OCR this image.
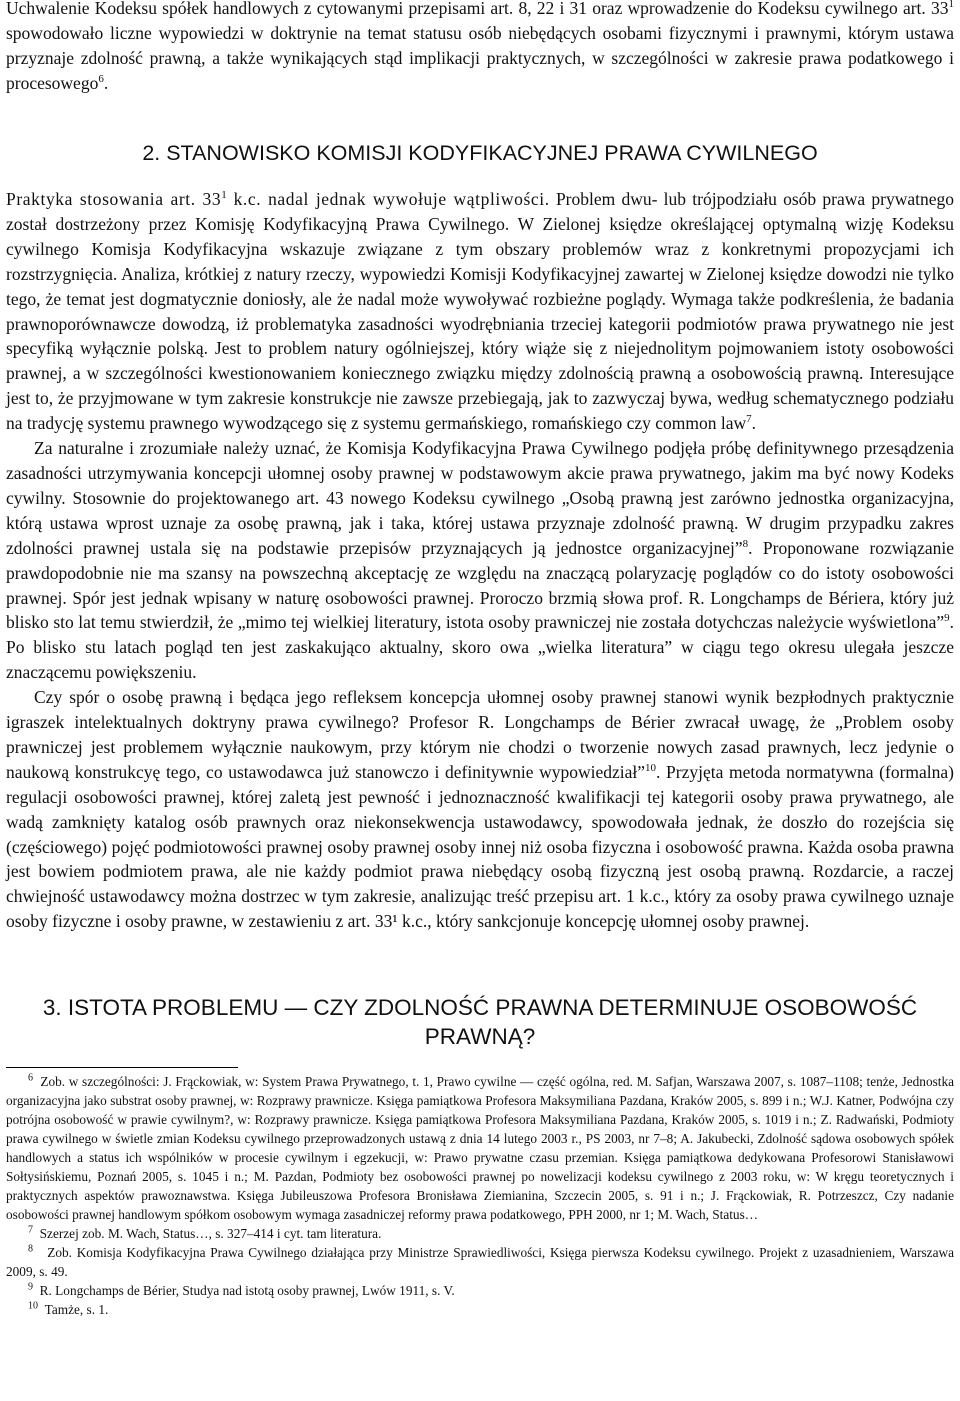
Uchwalenie Kodeksu spółek handlowych z cytowanymi przepisami art. 8, 22 i 31 oraz wprowadzenie do Kodeksu cywilnego art. $33^1$ spowodowało liczne wypowiedzi w doktrynie na temat statusu osób niebędących osobami fizycznymi i prawnymi, którym ustawa przyznaje zdolność prawną, a także wynikających stąd implikacji praktycznych, w szczególności w zakresie prawa podatkowego i procesowego$^6$.

2. STANOWISKO KOMISJI KODYFIKACYJNEJ PRAWA CYWILNEGO

Praktyka stosowania art. $33^1$ k.c. nadal jednak wywołuje wątpliwości. Problem dwu- lub trójpodziału osób prawa prywatnego został dostrzeżony przez Komisję Kodyfikacyjną Prawa Cywilnego. W Zielonej księdze określającej optymalną wizję Kodeksu cywilnego Komisja Kodyfikacyjna wskazuje związane z tym obszary problemów wraz z konkretnymi propozycjami ich rozstrzygnięcia. Analiza, krótkiej z natury rzeczy, wypowiedzi Komisji Kodyfikacyjnej zawartej w Zielonej księdze dowodzi nie tylko tego, że temat jest dogmatycznie doniosły, ale że nadal może wywoływać rozbieżne poglądy. Wymaga także podkreślenia, że badania prawnoporównawcze dowodzą, iż problematyka zasadności wyodrębniania trzeciej kategorii podmiotów prawa prywatnego nie jest specyfiką wyłącznie polską. Jest to problem natury ogólniejszej, który wiąże się z niejednolitym pojmowaniem istoty osobowości prawnej, a w szczególności kwestionowaniem koniecznego związku między zdolnością prawną a osobowością prawną. Interesujące jest to, że przyjmowane w tym zakresie konstrukcje nie zawsze przebiegają, jak to zazwyczaj bywa, według schematycznego podziału na tradycję systemu prawnego wywodzącego się z systemu germańskiego, romańskiego czy common law$^7$.

Za naturalne i zrozumiałe należy uznać, że Komisja Kodyfikacyjna Prawa Cywilnego podjęła próbę definitywnego przesądzenia zasadności utrzymywania koncepcji ułomnej osoby prawnej w podstawowym akcie prawa prywatnego, jakim ma być nowy Kodeks cywilny. Stosownie do projektowanego art. 43 nowego Kodeksu cywilnego „Osobą prawną jest zarówno jednostka organizacyjna, którą ustawa wprost uznaje za osobę prawną, jak i taka, której ustawa przyznaje zdolność prawną. W drugim przypadku zakres zdolności prawnej ustala się na podstawie przepisów przyznających ją jednostce organizacyjnej”$^8$. Proponowane rozwiązanie prawdopodobnie nie ma szansy na powszechną akceptację ze względu na znaczącą polaryzację poglądów co do istoty osobowości prawnej. Spór jest jednak wpisany w naturę osobowości prawnej. Proroczo brzmią słowa prof. R. Longchamps de Bériera, który już blisko sto lat temu stwierdził, że „mimo tej wielkiej literatury, istota osoby prawniczej nie została dotychczas należycie wyświetlona”$^9$. Po blisko stu latach pogląd ten jest zaskakująco aktualny, skoro owa „wielka literatura” w ciągu tego okresu ulegała jeszcze znaczącemu powiększeniu.

Czy spór o osobę prawną i będąca jego refleksem koncepcja ułomnej osoby prawnej stanowi wynik bezpłodnych praktycznie igraszek intelektualnych doktryny prawa cywilnego? Profesor R. Longchamps de Bérier zwracał uwagę, że „Problem osoby prawniczej jest problemem wyłącznie naukowym, przy którym nie chodzi o tworzenie nowych zasad prawnych, lecz jedynie o naukową konstrukcyę tego, co ustawodawca już stanowczo i definitywnie wypowiedział”$^{10}$. Przyjęta metoda normatywna (formalna) regulacji osobowości prawnej, której zaletą jest pewność i jednoznaczność kwalifikacji tej kategorii osoby prawa prywatnego, ale wadą zamknięty katalog osób prawnych oraz niekonsekwencja ustawodawcy, spowodowała jednak, że doszło do rozejścia się (częściowego) pojęć podmiotowości prawnej osoby prawnej osoby innej niż osoba fizyczna i osobowość prawna. Każda osoba prawna jest bowiem podmiotem prawa, ale nie każdy podmiot prawa niebędący osobą fizyczną jest osobą prawną. Rozdarcie, a raczej chwiejność ustawodawcy można dostrzec w tym zakresie, analizując treść przepisu art. 1 k.c., który za osoby prawa cywilnego uznaje osoby fizyczne i osoby prawne, w zestawieniu z art. 33¹ k.c., który sankcjonuje koncepcję ułomnej osoby prawnej.

3. ISTOTA PROBLEMU — CZY ZDOLNOŚĆ PRAWNA DETERMINUJE OSOBOWOŚĆ PRAWNĄ?

$^6$ Zob. w szczególności: J. Frąckowiak, w: System Prawa Prywatnego, t. 1, Prawo cywilne — część ogólna, red. M. Safjan, Warszawa 2007, s. 1087–1108; tenże, Jednostka organizacyjna jako substrat osoby prawnej, w: Rozprawy prawnicze. Księga pamiątkowa Profesora Maksymiliana Pazdana, Kraków 2005, s. 899 i n.; W.J. Katner, Podwójna czy potrójna osobowość w prawie cywilnym?, w: Rozprawy prawnicze. Księga pamiątkowa Profesora Maksymiliana Pazdana, Kraków 2005, s. 1019 i n.; Z. Radwański, Podmioty prawa cywilnego w świetle zmian Kodeksu cywilnego przeprowadzonych ustawą z dnia 14 lutego 2003 r., PS 2003, nr 7–8; A. Jakubecki, Zdolność sądowa osobowych spółek handlowych a status ich wspólników w procesie cywilnym i egzekucji, w: Prawo prywatne czasu przemian. Księga pamiątkowa dedykowana Profesorowi Stanisławowi Sołtysińskiemu, Poznań 2005, s. 1045 i n.; M. Pazdan, Podmioty bez osobowości prawnej po nowelizacji kodeksu cywilnego z 2003 roku, w: W kręgu teoretycznych i praktycznych aspektów prawoznawstwa. Księga Jubileuszowa Profesora Bronisława Ziemianina, Szczecin 2005, s. 91 i n.; J. Frąckowiak, R. Potrzeszcz, Czy nadanie osobowości prawnej handlowym spółkom osobowym wymaga zasadniczej reformy prawa podatkowego, PPH 2000, nr 1; M. Wach, Status…

$^7$ Szerzej zob. M. Wach, Status…, s. 327–414 i cyt. tam literatura.

$^8$ Zob. Komisja Kodyfikacyjna Prawa Cywilnego działająca przy Ministrze Sprawiedliwości, Księga pierwsza Kodeksu cywilnego. Projekt z uzasadnieniem, Warszawa 2009, s. 49.

$^9$ R. Longchamps de Bérier, Studya nad istotą osoby prawnej, Lwów 1911, s. V.

$^{10}$ Tamże, s. 1.
